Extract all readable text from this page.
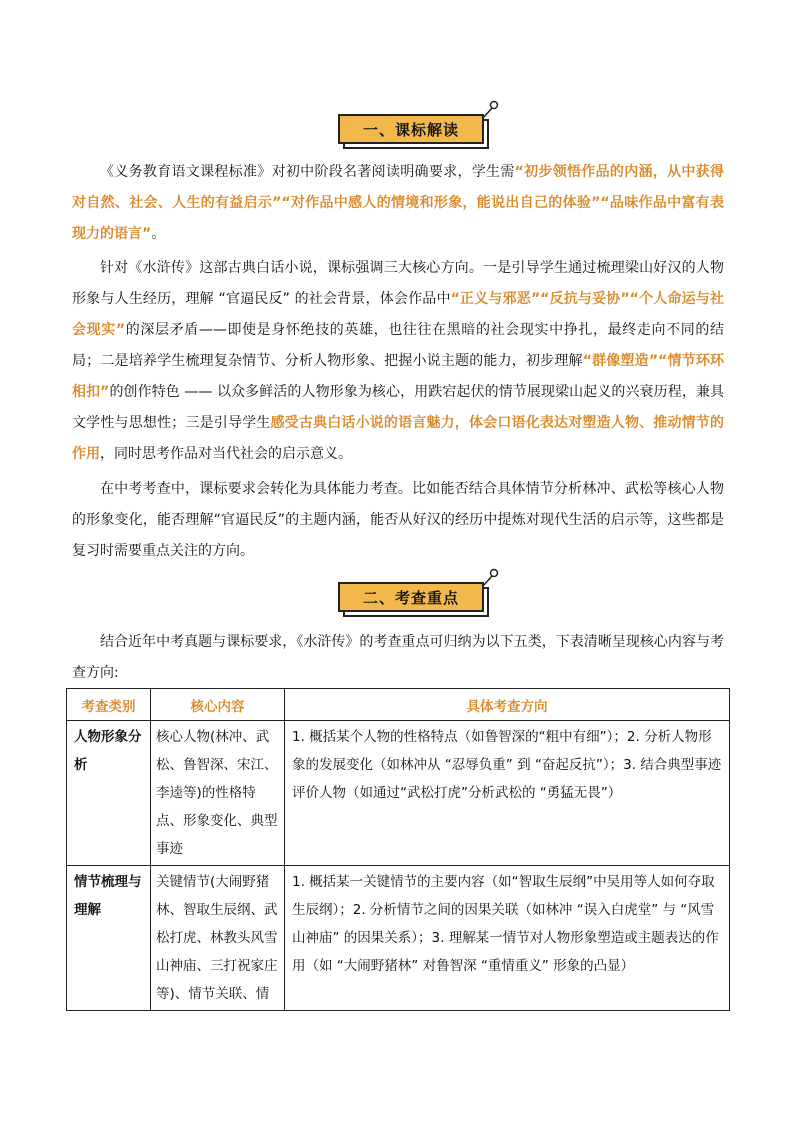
一、课标解读

《义务教育语文课程标准》对初中阶段名著阅读明确要求，学生需“初步领悟作品的内涵，从中获得对自然、社会、人生的有益启示”“对作品中感人的情境和形象，能说出自己的体验”“品味作品中富有表现力的语言”。

针对《水浒传》这部古典白话小说，课标强调三大核心方向。一是引导学生通过梳理梁山好汉的人物形象与人生经历，理解 “官逼民反” 的社会背景，体会作品中“正义与邪恶”“反抗与妥协”“个人命运与社会现实”的深层矛盾——即使是身怀绝技的英雄，也往往在黑暗的社会现实中挣扎，最终走向不同的结局；二是培养学生梳理复杂情节、分析人物形象、把握小说主题的能力，初步理解“群像塑造”“情节环环相扣”的创作特色 —— 以众多鲜活的人物形象为核心，用跌宕起伏的情节展现梁山起义的兴衰历程，兼具文学性与思想性；三是引导学生感受古典白话小说的语言魅力，体会口语化表达对塑造人物、推动情节的作用，同时思考作品对当代社会的启示意义。

在中考考查中，课标要求会转化为具体能力考查。比如能否结合具体情节分析林冲、武松等核心人物的形象变化，能否理解“官逼民反”的主题内涵，能否从好汉的经历中提炼对现代生活的启示等，这些都是复习时需要重点关注的方向。

二、考查重点

结合近年中考真题与课标要求，《水浒传》的考查重点可归纳为以下五类，下表清晰呈现核心内容与考查方向:

考查类别	核心内容	具体考查方向
人物形象分析	核心人物(林冲、武松、鲁智深、宋江、李逵等)的性格特点、形象变化、典型事迹	1. 概括某个人物的性格特点（如鲁智深的“粗中有细”）；2. 分析人物形象的发展变化（如林冲从 “忍辱负重” 到 “奋起反抗”）；3. 结合典型事迹评价人物（如通过“武松打虎”分析武松的 “勇猛无畏”）
情节梳理与理解	关键情节(大闹野猪林、智取生辰纲、武松打虎、林教头风雪山神庙、三打祝家庄等)、情节关联、情	1. 概括某一关键情节的主要内容（如“智取生辰纲”中吴用等人如何夺取生辰纲）；2. 分析情节之间的因果关联（如林冲 “误入白虎堂” 与 “风雪山神庙” 的因果关系）；3. 理解某一情节对人物形象塑造或主题表达的作用（如 “大闹野猪林” 对鲁智深 “重情重义” 形象的凸显）
